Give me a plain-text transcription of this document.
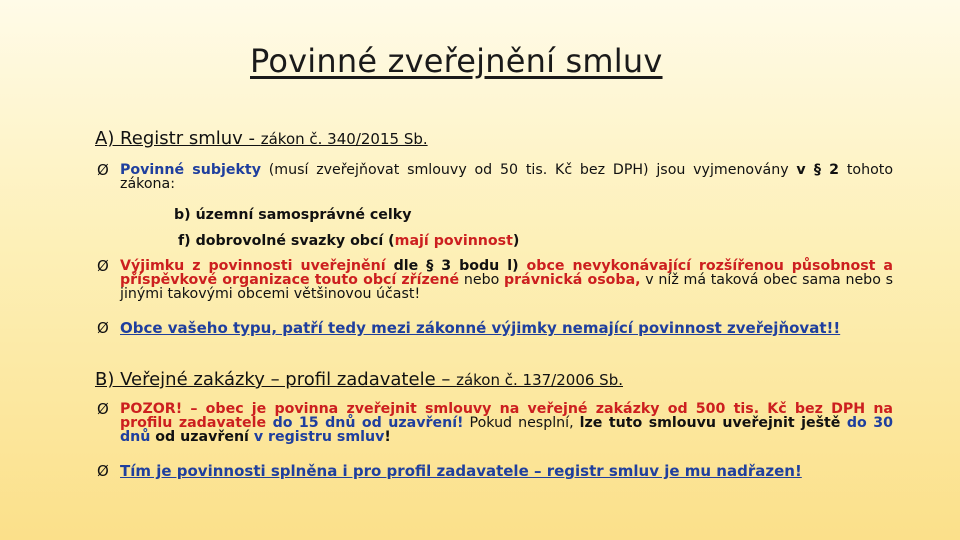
Povinné zveřejnění smluv
A) Registr smluv - zákon č. 340/2015 Sb.
Ø Povinné subjekty (musí zveřejňovat smlouvy od 50 tis. Kč bez DPH) jsou vyjmenovány v § 2 tohoto zákona:
b) územní samosprávné celky
f) dobrovolné svazky obcí (mají povinnost)
Ø Výjimku z povinnosti uveřejnění dle § 3 bodu l) obce nevykonávající rozšířenou působnost a příspěvkové organizace touto obcí zřízené nebo právnická osoba, v níž má taková obec sama nebo s jinými takovými obcemi většinovou účast!
Ø Obce vašeho typu, patří tedy mezi zákonné výjimky nemající povinnost zveřejňovat!!
B) Veřejné zakázky – profil zadavatele – zákon č. 137/2006 Sb.
Ø POZOR! – obec je povinna zveřejnit smlouvy na veřejné zakázky od 500 tis. Kč bez DPH na profilu zadavatele do 15 dnů od uzavření! Pokud nesplní, lze tuto smlouvu uveřejnit ještě do 30 dnů od uzavření v registru smluv!
Ø Tím je povinnosti splněna i pro profil zadavatele – registr smluv je mu nadřazen!
